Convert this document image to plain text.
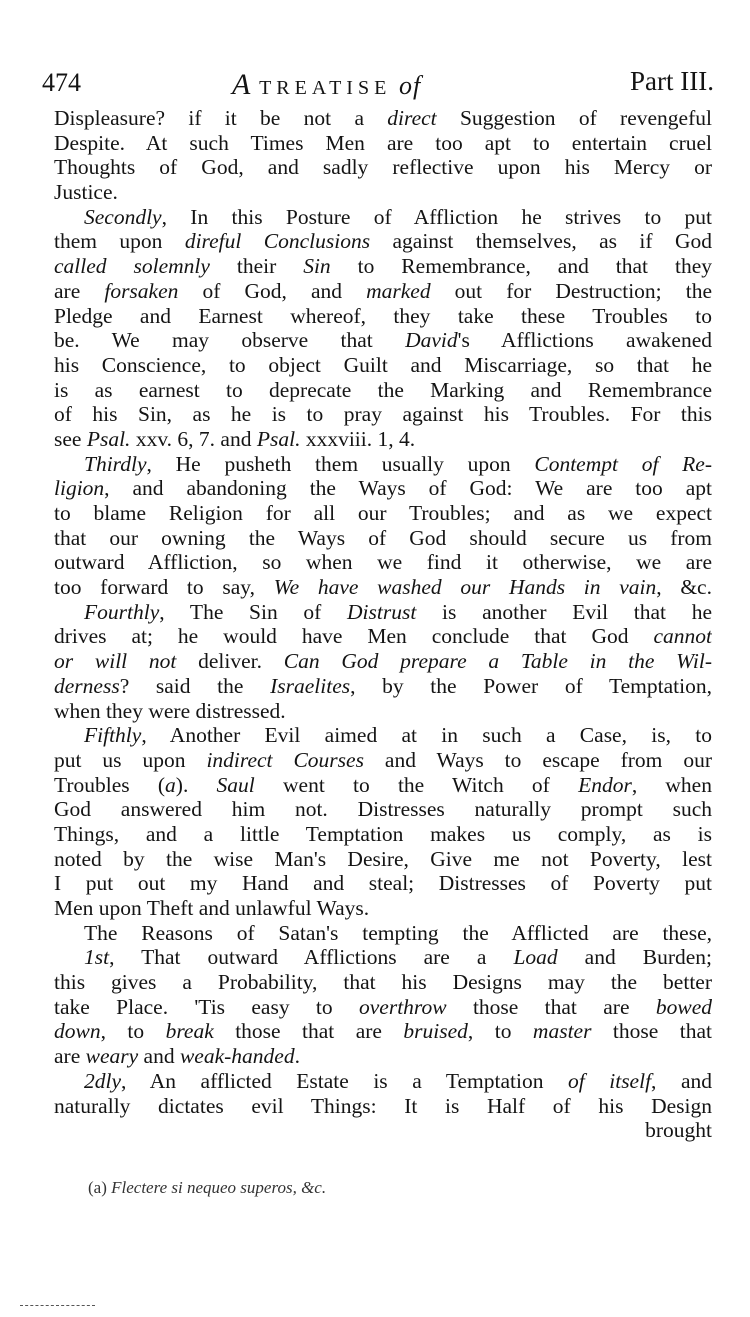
474	A TREATISE of	Part III.
Displeasure? if it be not a direct Suggestion of revengeful
Despite. At such Times Men are too apt to entertain cruel
Thoughts of God, and sadly reflective upon his Mercy or
Justice.
Secondly, In this Posture of Affliction he strives to put
them upon direful Conclusions against themselves, as if God
called solemnly their Sin to Remembrance, and that they
are forsaken of God, and marked out for Destruction; the
Pledge and Earnest whereof, they take these Troubles to
be. We may observe that David's Afflictions awakened
his Conscience, to object Guilt and Miscarriage, so that he
is as earnest to deprecate the Marking and Remembrance
of his Sin, as he is to pray against his Troubles. For this
see Psal. xxv. 6, 7. and Psal. xxxviii. 1, 4.
Thirdly, He pusheth them usually upon Contempt of Re-
ligion, and abandoning the Ways of God: We are too apt
to blame Religion for all our Troubles; and as we expect
that our owning the Ways of God should secure us from
outward Affliction, so when we find it otherwise, we are
too forward to say, We have washed our Hands in vain, &c.
Fourthly, The Sin of Distrust is another Evil that he
drives at; he would have Men conclude that God cannot
or will not deliver. Can God prepare a Table in the Wil-
derness? said the Israelites, by the Power of Temptation,
when they were distressed.
Fifthly, Another Evil aimed at in such a Case, is, to
put us upon indirect Courses and Ways to escape from our
Troubles (a). Saul went to the Witch of Endor, when
God answered him not. Distresses naturally prompt such
Things, and a little Temptation makes us comply, as is
noted by the wise Man's Desire, Give me not Poverty, lest
I put out my Hand and steal; Distresses of Poverty put
Men upon Theft and unlawful Ways.
The Reasons of Satan's tempting the Afflicted are these,
1st, That outward Afflictions are a Load and Burden;
this gives a Probability, that his Designs may the better
take Place. 'Tis easy to overthrow those that are bowed
down, to break those that are bruised, to master those that
are weary and weak-handed.
2dly, An afflicted Estate is a Temptation of itself, and
naturally dictates evil Things: It is Half of his Design
brought
(a) Flectere si nequeo superos, &c.
